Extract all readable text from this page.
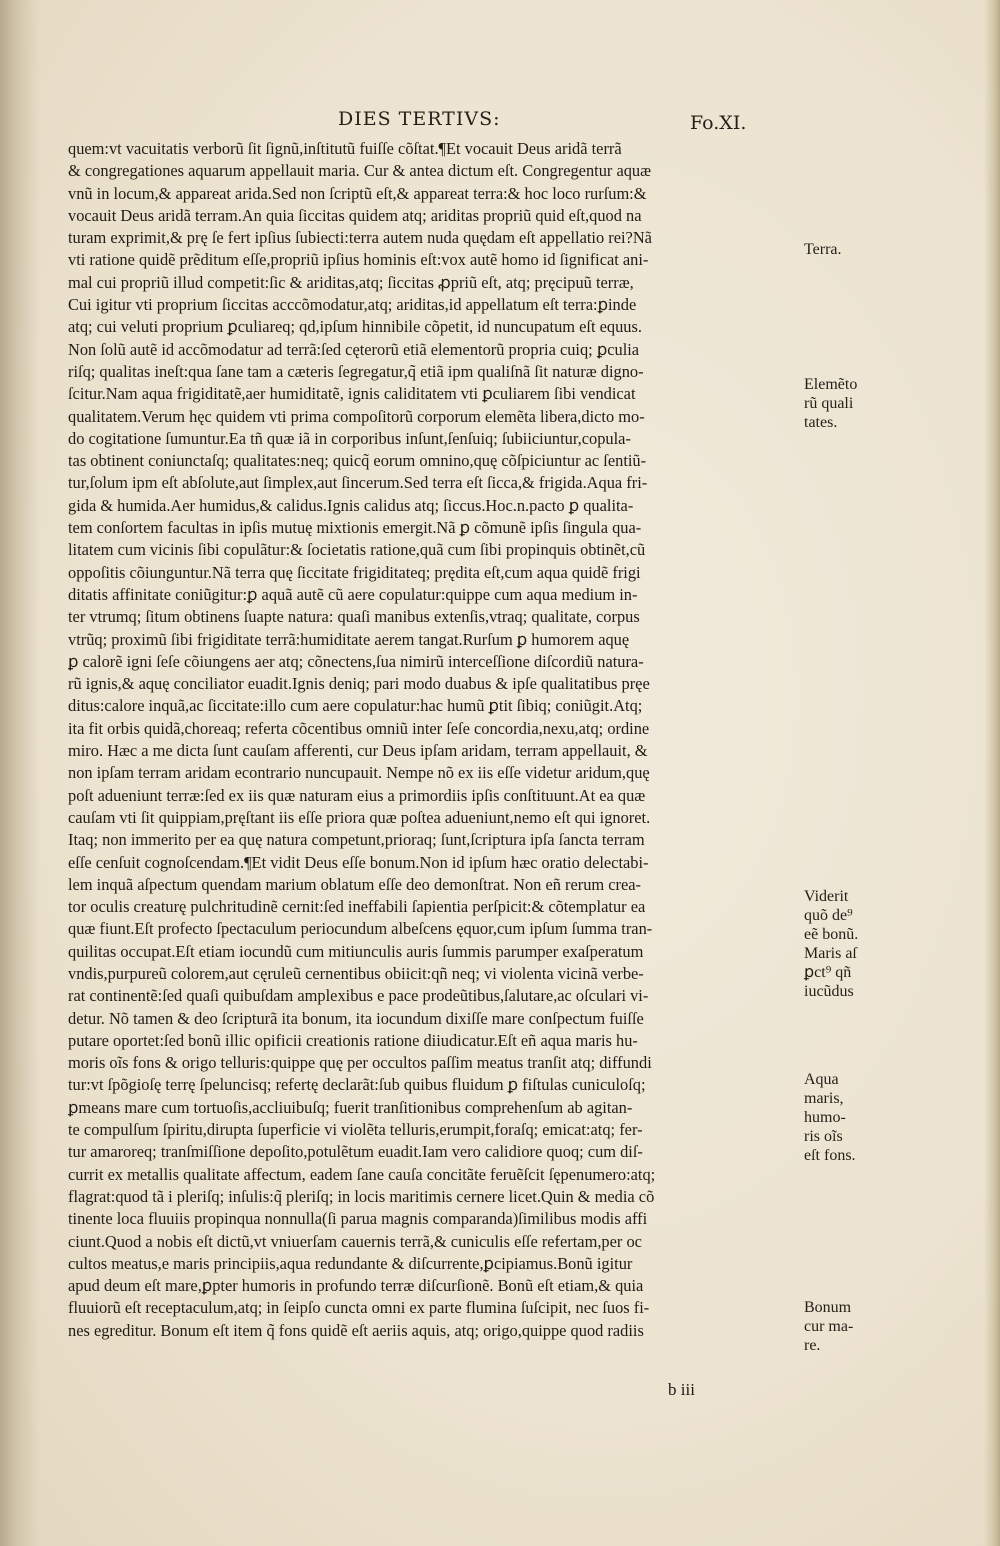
DIES TERTIVS:	Fo.XI.
quem:vt vacuitatis verborũ ſit ſignũ,inſtitutũ fuiſſe cõſtat.¶Et vocauit Deus aridã terrã
& congregationes aquarum appellauit maria. Cur & antea dictum eſt. Congregentur aquæ
vnũ in locum,& appareat arida.Sed non ſcriptũ eſt,& appareat terra:& hoc loco rurſum:&
vocauit Deus aridã terram.An quia ſiccitas quidem atq; ariditas propriũ quid eſt,quod na
turam exprimit,& prę ſe fert ipſius ſubiecti:terra autem nuda quędam eſt appellatio rei?Nã
vti ratione quidẽ prẽditum eſſe,propriũ ipſius hominis eſt:vox autẽ homo id ſignificat ani-
mal cui propriũ illud competit:ſic & ariditas,atq; ſiccitas ꝓpriũ eſt, atq; pręcipuũ terræ,
Cui igitur vti proprium ſiccitas acccõmodatur,atq; ariditas,id appellatum eſt terra:ꝑinde
atq; cui veluti proprium ꝑculiareq; qd,ipſum hinnibile cõpetit, id nuncupatum eſt equus.
Non ſolũ autẽ id accõmodatur ad terrã:ſed cęterorũ etiã elementorũ propria cuiq; ꝑculia
riſq; qualitas ineſt:qua ſane tam a cæteris ſegregatur,q̃ etiã ipm qualiſnã ſit naturæ digno-
ſcitur.Nam aqua frigiditatẽ,aer humiditatẽ, ignis caliditatem vti ꝑculiarem ſibi vendicat
qualitatem.Verum hęc quidem vti prima compoſitorũ corporum elemẽta libera,dicto mo-
do cogitatione ſumuntur.Ea tñ quæ iã in corporibus inſunt,ſenſuiq; ſubiiciuntur,copula-
tas obtinent coniunctaſq; qualitates:neq; quicq̃ eorum omnino,quę cõſpiciuntur ac ſentiũ-
tur,ſolum ipm eſt abſolute,aut ſimplex,aut ſincerum.Sed terra eſt ſicca,& frigida.Aqua fri-
gida & humida.Aer humidus,& calidus.Ignis calidus atq; ſiccus.Hoc.n.pacto ꝑ qualita-
tem conſortem facultas in ipſis mutuę mixtionis emergit.Nã ꝑ cõmunẽ ipſis ſingula qua-
litatem cum vicinis ſibi copulãtur:& ſocietatis ratione,quã cum ſibi propinquis obtinẽt,cũ
oppoſitis cõiunguntur.Nã terra quę ſiccitate frigiditateq; prędita eſt,cum aqua quidẽ frigi
ditatis affinitate coniũgitur:ꝑ aquã autẽ cũ aere copulatur:quippe cum aqua medium in-
ter vtrumq; ſitum obtinens ſuapte natura: quaſi manibus extenſis,vtraq; qualitate, corpus
vtrũq; proximũ ſibi frigiditate terrã:humiditate aerem tangat.Rurſum ꝑ humorem aquę
ꝑ calorẽ igni ſeſe cõiungens aer atq; cõnectens,ſua nimirũ interceſſione diſcordiũ natura-
rũ ignis,& aquę conciliator euadit.Ignis deniq; pari modo duabus & ipſe qualitatibus pręe
ditus:calore inquã,ac ſiccitate:illo cum aere copulatur:hac humũ ꝑtit ſibiq; coniũgit.Atq;
ita fit orbis quidã,choreaq; referta cõcentibus omniũ inter ſeſe concordia,nexu,atq; ordine
miro. Hæc a me dicta ſunt cauſam afferenti, cur Deus ipſam aridam, terram appellauit, &
non ipſam terram aridam econtrario nuncupauit. Nempe nõ ex iis eſſe videtur aridum,quę
poſt adueniunt terræ:ſed ex iis quæ naturam eius a primordiis ipſis conſtituunt.At ea quæ
cauſam vti ſit quippiam,pręſtant iis eſſe priora quæ poſtea adueniunt,nemo eſt qui ignoret.
Itaq; non immerito per ea quę natura competunt,prioraq; ſunt,ſcriptura ipſa ſancta terram
eſſe cenſuit cognoſcendam.¶Et vidit Deus eſſe bonum.Non id ipſum hæc oratio delectabi-
lem inquã aſpectum quendam marium oblatum eſſe deo demonſtrat. Non eñ rerum crea-
tor oculis creaturę pulchritudinẽ cernit:ſed ineffabili ſapientia perſpicit:& cõtemplatur ea
quæ fiunt.Eſt profecto ſpectaculum periocundum albeſcens ęquor,cum ipſum ſumma tran-
quilitas occupat.Eſt etiam iocundũ cum mitiunculis auris ſummis parumper exaſperatum
vndis,purpureũ colorem,aut cęruleũ cernentibus obiicit:qñ neq; vi violenta vicinã verbe-
rat continentẽ:ſed quaſi quibuſdam amplexibus e pace prodeũtibus,ſalutare,ac oſculari vi-
detur. Nõ tamen & deo ſcripturã ita bonum, ita iocundum dixiſſe mare conſpectum fuiſſe
putare oportet:ſed bonũ illic opificii creationis ratione diiudicatur.Eſt eñ aqua maris hu-
moris oĩs fons & origo telluris:quippe quę per occultos paſſim meatus tranſit atq; diffundi
tur:vt ſpõgioſę terrę ſpeluncisq; refertę declarãt:ſub quibus fluidum ꝑ fiſtulas cuniculoſq;
ꝑmeans mare cum tortuoſis,accliuibuſq; fuerit tranſitionibus comprehenſum ab agitan-
te compulſum ſpiritu,dirupta ſuperficie vi violẽta telluris,erumpit,foraſq; emicat:atq; fer-
tur amaroreq; tranſmiſſione depoſito,potulẽtum euadit.Iam vero calidiore quoq; cum diſ-
currit ex metallis qualitate affectum, eadem ſane cauſa concitãte feruẽſcit ſępenumero:atq;
flagrat:quod tã i pleriſq; inſulis:q̃ pleriſq; in locis maritimis cernere licet.Quin & media cõ
tinente loca fluuiis propinqua nonnulla(ſi parua magnis comparanda)ſimilibus modis affi
ciunt.Quod a nobis eſt dictũ,vt vniuerſam cauernis terrã,& cuniculis eſſe refertam,per oc
cultos meatus,e maris principiis,aqua redundante & diſcurrente,ꝑcipiamus.Bonũ igitur
apud deum eſt mare,ꝑpter humoris in profundo terræ diſcurſionẽ. Bonũ eſt etiam,& quia
fluuiorũ eſt receptaculum,atq; in ſeipſo cuncta omni ex parte flumina ſuſcipit, nec ſuos fi-
nes egreditur. Bonum eſt item q̃ fons quidẽ eſt aeriis aquis, atq; origo,quippe quod radiis
Terra.
Elemẽto
rũ quali
tates.
Viderit
quõ de⁹
eẽ bonũ.
Maris aſ
ꝑct⁹ qñ
iucũdus
Aqua
maris,
humo-
ris oĩs
eſt fons.
Bonum
cur ma-
re.
b iii
